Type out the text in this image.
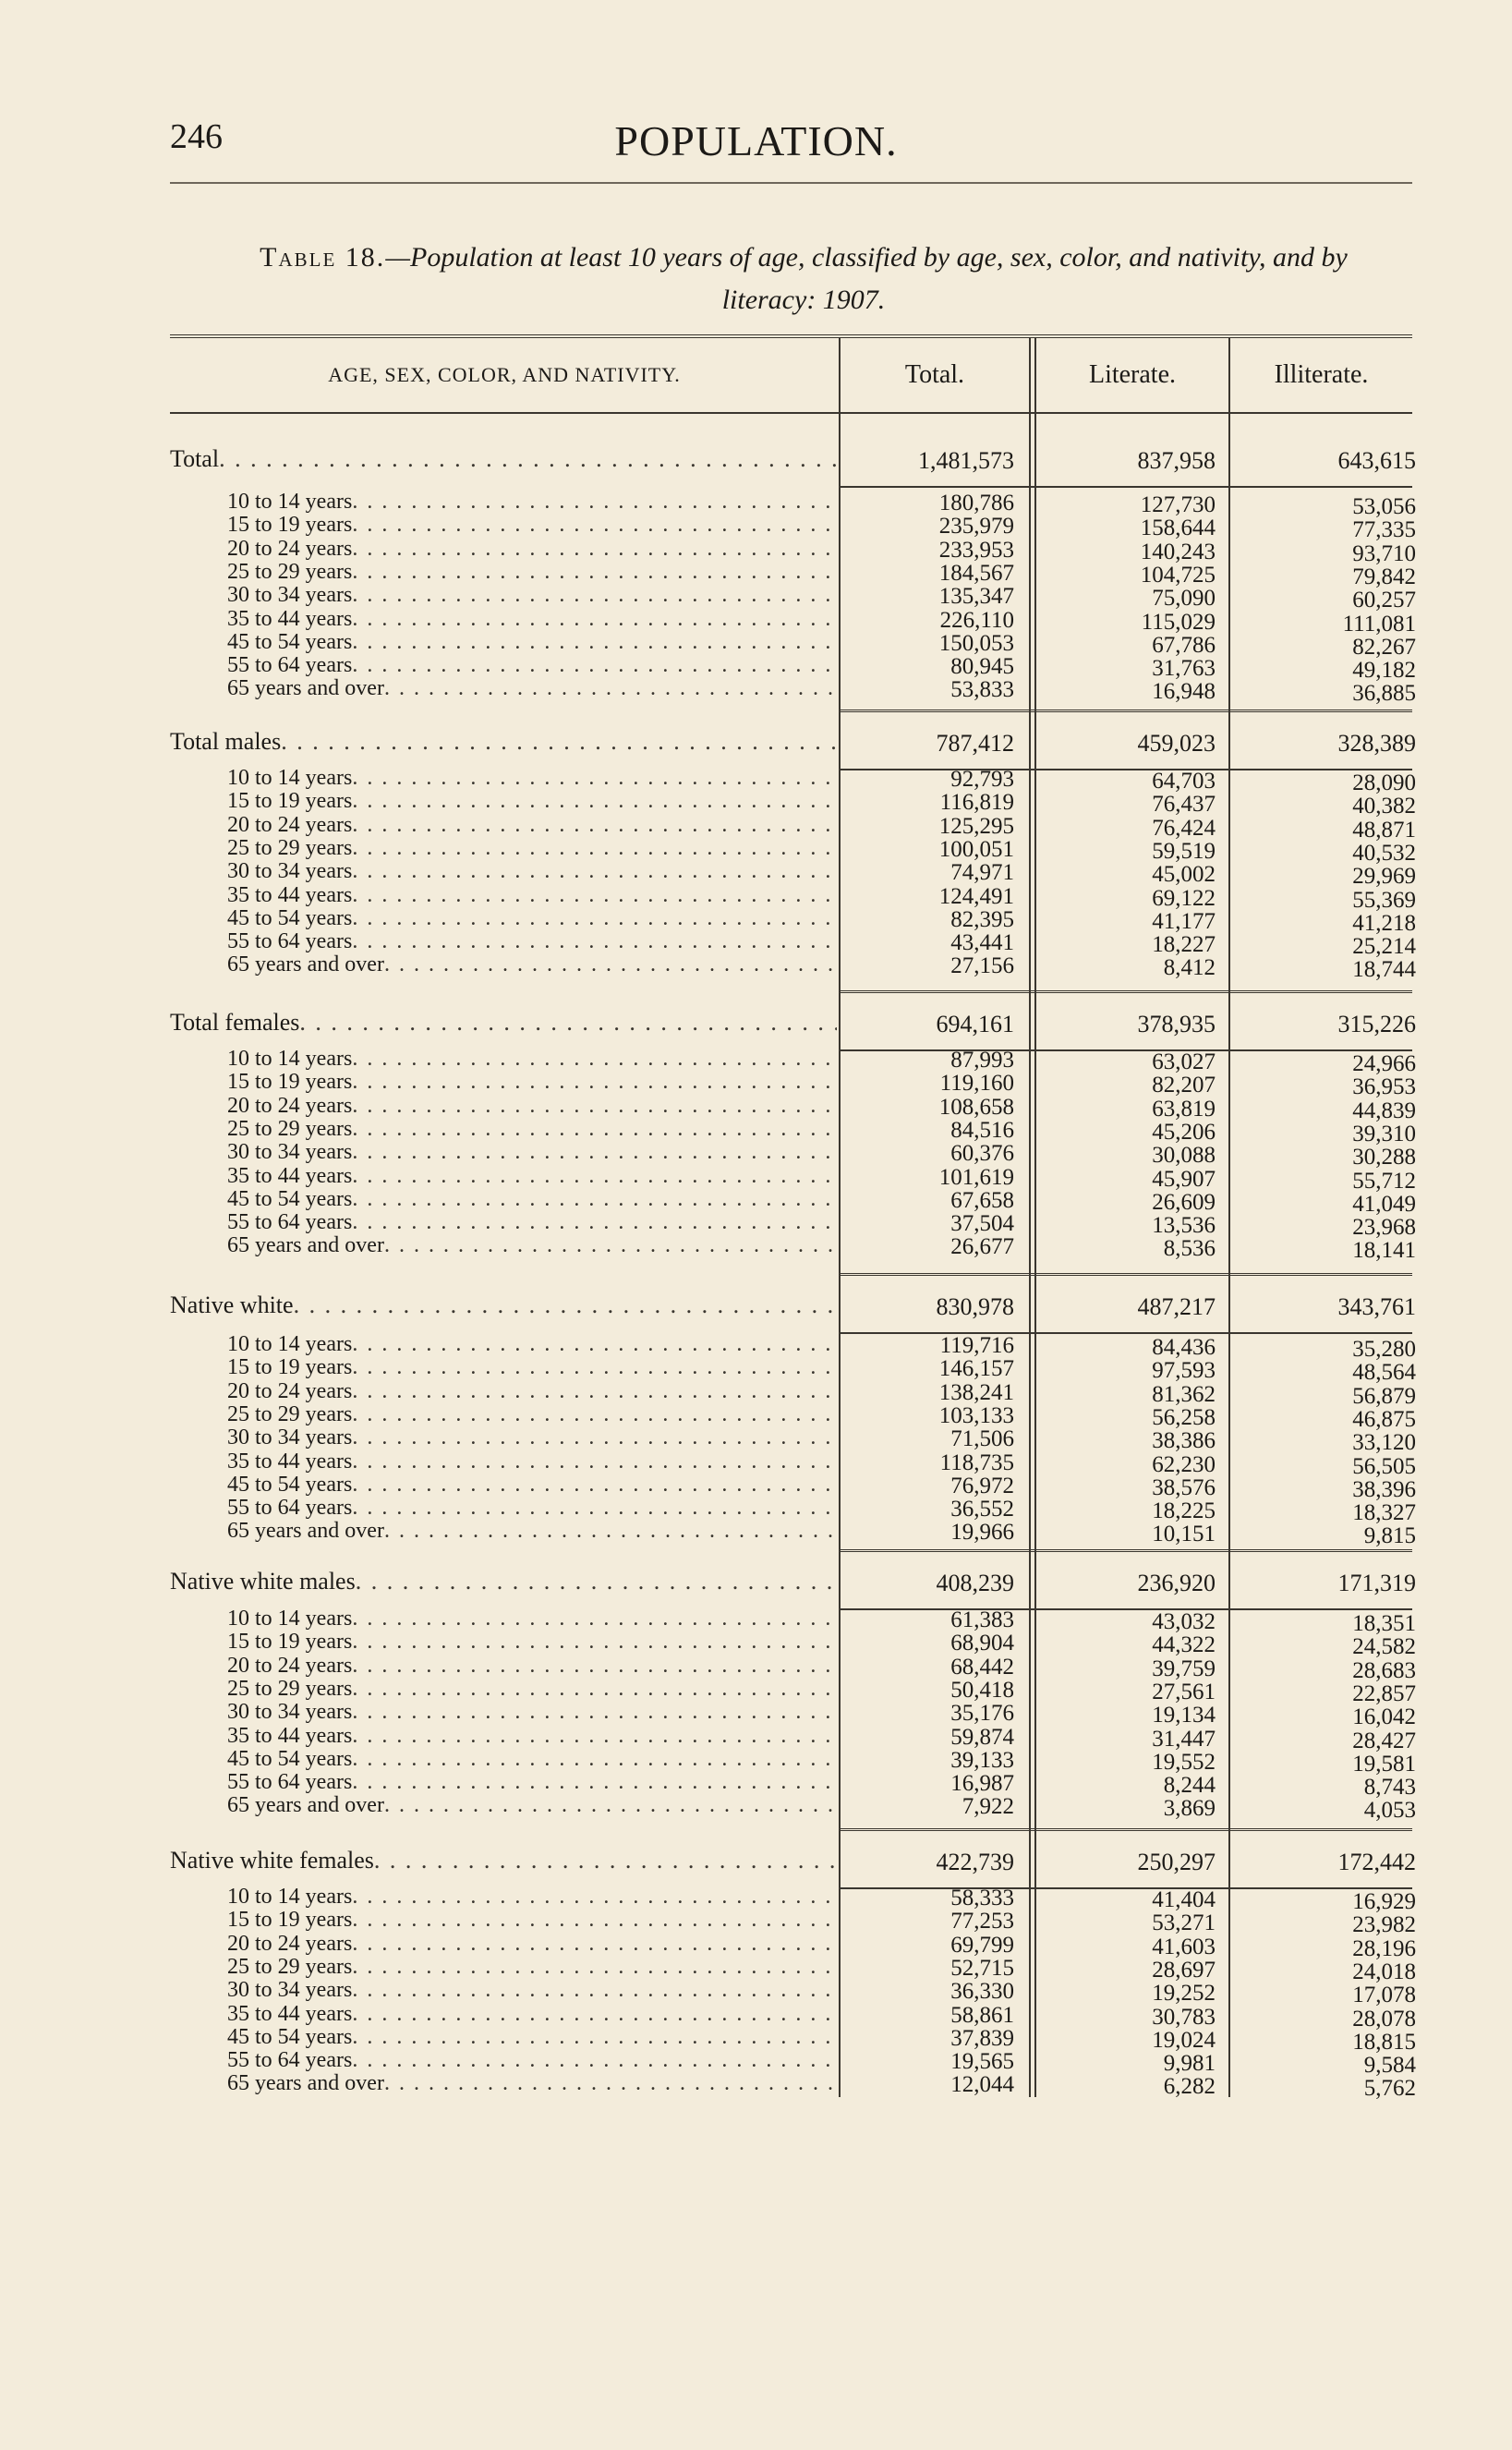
246	POPULATION.
Table 18.—Population at least 10 years of age, classified by age, sex, color, and nativity, and by literacy: 1907.
AGE, SEX, COLOR, AND NATIVITY.	Total.	Literate.	Illiterate.
Total . . .	1,481,573	837,958	643,615
10 to 14 years . . .	180,786	127,730	53,056
15 to 19 years . . .	235,979	158,644	77,335
20 to 24 years . . .	233,953	140,243	93,710
25 to 29 years . . .	184,567	104,725	79,842
30 to 34 years . . .	135,347	75,090	60,257
35 to 44 years . . .	226,110	115,029	111,081
45 to 54 years . . .	150,053	67,786	82,267
55 to 64 years . . .	80,945	31,763	49,182
65 years and over . . .	53,833	16,948	36,885
Total males . . .	787,412	459,023	328,389
10 to 14 years . . .	92,793	64,703	28,090
15 to 19 years . . .	116,819	76,437	40,382
20 to 24 years . . .	125,295	76,424	48,871
25 to 29 years . . .	100,051	59,519	40,532
30 to 34 years . . .	74,971	45,002	29,969
35 to 44 years . . .	124,491	69,122	55,369
45 to 54 years . . .	82,395	41,177	41,218
55 to 64 years . . .	43,441	18,227	25,214
65 years and over . . .	27,156	8,412	18,744
Total females . . .	694,161	378,935	315,226
10 to 14 years . . .	87,993	63,027	24,966
15 to 19 years . . .	119,160	82,207	36,953
20 to 24 years . . .	108,658	63,819	44,839
25 to 29 years . . .	84,516	45,206	39,310
30 to 34 years . . .	60,376	30,088	30,288
35 to 44 years . . .	101,619	45,907	55,712
45 to 54 years . . .	67,658	26,609	41,049
55 to 64 years . . .	37,504	13,536	23,968
65 years and over . . .	26,677	8,536	18,141
Native white . . .	830,978	487,217	343,761
10 to 14 years . . .	119,716	84,436	35,280
15 to 19 years . . .	146,157	97,593	48,564
20 to 24 years . . .	138,241	81,362	56,879
25 to 29 years . . .	103,133	56,258	46,875
30 to 34 years . . .	71,506	38,386	33,120
35 to 44 years . . .	118,735	62,230	56,505
45 to 54 years . . .	76,972	38,576	38,396
55 to 64 years . . .	36,552	18,225	18,327
65 years and over . . .	19,966	10,151	9,815
Native white males . . .	408,239	236,920	171,319
10 to 14 years . . .	61,383	43,032	18,351
15 to 19 years . . .	68,904	44,322	24,582
20 to 24 years . . .	68,442	39,759	28,683
25 to 29 years . . .	50,418	27,561	22,857
30 to 34 years . . .	35,176	19,134	16,042
35 to 44 years . . .	59,874	31,447	28,427
45 to 54 years . . .	39,133	19,552	19,581
55 to 64 years . . .	16,987	8,244	8,743
65 years and over . . .	7,922	3,869	4,053
Native white females . . .	422,739	250,297	172,442
10 to 14 years . . .	58,333	41,404	16,929
15 to 19 years . . .	77,253	53,271	23,982
20 to 24 years . . .	69,799	41,603	28,196
25 to 29 years . . .	52,715	28,697	24,018
30 to 34 years . . .	36,330	19,252	17,078
35 to 44 years . . .	58,861	30,783	28,078
45 to 54 years . . .	37,839	19,024	18,815
55 to 64 years . . .	19,565	9,981	9,584
65 years and over . . .	12,044	6,282	5,762
